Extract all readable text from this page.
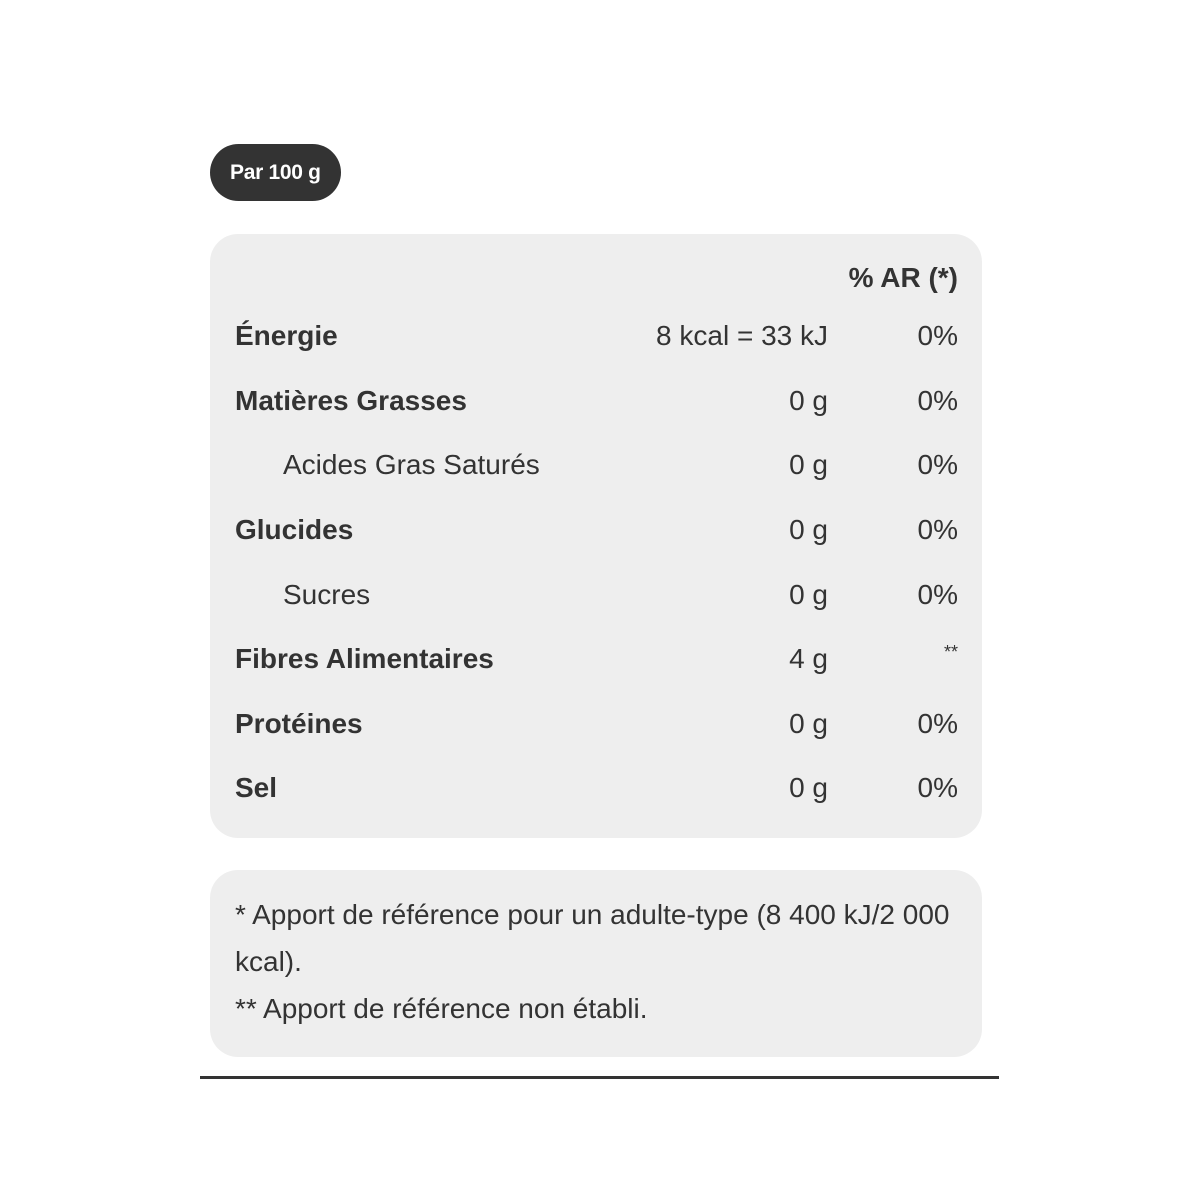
Par 100 g
% AR (*)
Énergie	8 kcal = 33 kJ	0%
Matières Grasses	0 g	0%
Acides Gras Saturés	0 g	0%
Glucides	0 g	0%
Sucres	0 g	0%
Fibres Alimentaires	4 g	**
Protéines	0 g	0%
Sel	0 g	0%

* Apport de référence pour un adulte-type (8 400 kJ/2 000 kcal).

** Apport de référence non établi.
